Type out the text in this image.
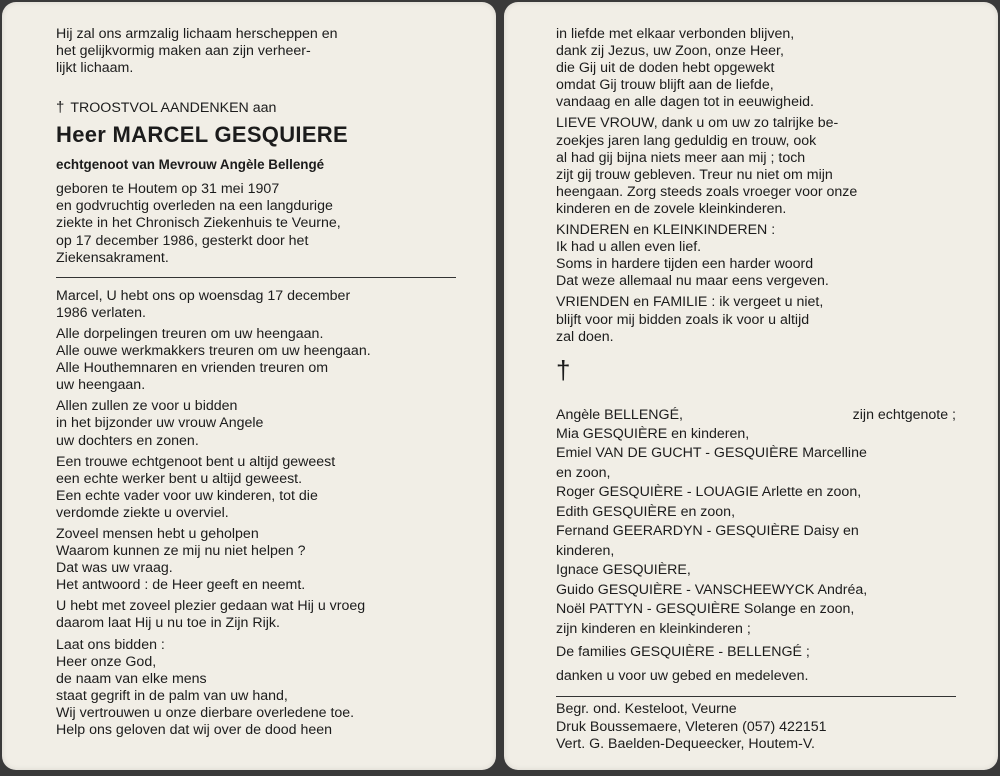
Hij zal ons armzalig lichaam herscheppen en
het gelijkvormig maken aan zijn verheer-
lijkt lichaam.

† TROOSTVOL AANDENKEN aan

Heer MARCEL GESQUIERE

echtgenoot van Mevrouw Angèle Bellengé

geboren te Houtem op 31 mei 1907
en godvruchtig overleden na een langdurige
ziekte in het Chronisch Ziekenhuis te Veurne,
op 17 december 1986, gesterkt door het
Ziekensakrament.

Marcel, U hebt ons op woensdag 17 december
1986 verlaten.

Alle dorpelingen treuren om uw heengaan.
Alle ouwe werkmakkers treuren om uw heengaan.
Alle Houthemnaren en vrienden treuren om
uw heengaan.

Allen zullen ze voor u bidden
in het bijzonder uw vrouw Angele
uw dochters en zonen.

Een trouwe echtgenoot bent u altijd geweest
een echte werker bent u altijd geweest.
Een echte vader voor uw kinderen, tot die
verdomde ziekte u overviel.

Zoveel mensen hebt u geholpen
Waarom kunnen ze mij nu niet helpen ?
Dat was uw vraag.
Het antwoord : de Heer geeft en neemt.

U hebt met zoveel plezier gedaan wat Hij u vroeg
daarom laat Hij u nu toe in Zijn Rijk.

Laat ons bidden :
Heer onze God,
de naam van elke mens
staat gegrift in de palm van uw hand,
Wij vertrouwen u onze dierbare overledene toe.
Help ons geloven dat wij over de dood heen

in liefde met elkaar verbonden blijven,
dank zij Jezus, uw Zoon, onze Heer,
die Gij uit de doden hebt opgewekt
omdat Gij trouw blijft aan de liefde,
vandaag en alle dagen tot in eeuwigheid.

LIEVE VROUW, dank u om uw zo talrijke be-
zoekjes jaren lang geduldig en trouw, ook
al had gij bijna niets meer aan mij ; toch
zijt gij trouw gebleven. Treur nu niet om mijn
heengaan. Zorg steeds zoals vroeger voor onze
kinderen en de zovele kleinkinderen.

KINDEREN en KLEINKINDEREN :
Ik had u allen even lief.
Soms in hardere tijden een harder woord
Dat weze allemaal nu maar eens vergeven.

VRIENDEN en FAMILIE : ik vergeet u niet,
blijft voor mij bidden zoals ik voor u altijd
zal doen.

†

Angèle BELLENGÉ,	zijn echtgenote ;

Mia GESQUIÈRE en kinderen,
Emiel VAN DE GUCHT - GESQUIÈRE Marcelline
en zoon,
Roger GESQUIÈRE - LOUAGIE Arlette en zoon,
Edith GESQUIÈRE en zoon,
Fernand GEERARDYN - GESQUIÈRE Daisy en
kinderen,
Ignace GESQUIÈRE,
Guido GESQUIÈRE - VANSCHEEWYCK Andréa,
Noël PATTYN - GESQUIÈRE Solange en zoon,
zijn kinderen en kleinkinderen ;

De families GESQUIÈRE - BELLENGÉ ;

danken u voor uw gebed en medeleven.

Begr. ond. Kesteloot, Veurne
Druk Boussemaere, Vleteren (057) 422151
Vert. G. Baelden-Dequeecker, Houtem-V.
